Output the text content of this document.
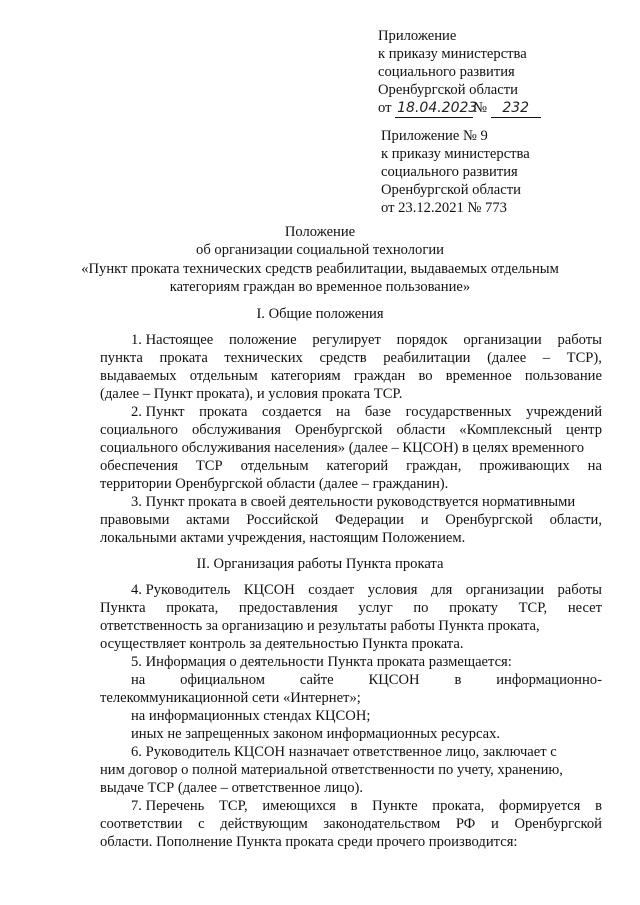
Приложение
к приказу министерства
социального развития
Оренбургской области
от 18.04.2023№ 232
Приложение № 9
к приказу министерства
социального развития
Оренбургской области
от 23.12.2021 № 773
Положение
об организации социальной технологии
«Пункт проката технических средств реабилитации, выдаваемых отдельным
категориям граждан во временное пользование»
I. Общие положения
1. Настоящее положение регулирует порядок организации работы
пункта проката технических средств реабилитации (далее – ТСР),
выдаваемых отдельным категориям граждан во временное пользование
(далее – Пункт проката), и условия проката ТСР.
2. Пункт проката создается на базе государственных учреждений
социального обслуживания Оренбургской области «Комплексный центр
социального обслуживания населения» (далее – КЦСОН) в целях временного
обеспечения ТСР отдельным категорий граждан, проживающих на
территории Оренбургской области (далее – гражданин).
3. Пункт проката в своей деятельности руководствуется нормативными
правовыми актами Российской Федерации и Оренбургской области,
локальными актами учреждения, настоящим Положением.
II. Организация работы Пункта проката
4. Руководитель КЦСОН создает условия для организации работы
Пункта проката, предоставления услуг по прокату ТСР, несет
ответственность за организацию и результаты работы Пункта проката,
осуществляет контроль за деятельностью Пункта проката.
5. Информация о деятельности Пункта проката размещается:
на официальном сайте КЦСОН в информационно-
телекоммуникационной сети «Интернет»;
на информационных стендах КЦСОН;
иных не запрещенных законом информационных ресурсах.
6. Руководитель КЦСОН назначает ответственное лицо, заключает с
ним договор о полной материальной ответственности по учету, хранению,
выдаче ТСР (далее – ответственное лицо).
7. Перечень ТСР, имеющихся в Пункте проката, формируется в
соответствии с действующим законодательством РФ и Оренбургской
области. Пополнение Пункта проката среди прочего производится:
